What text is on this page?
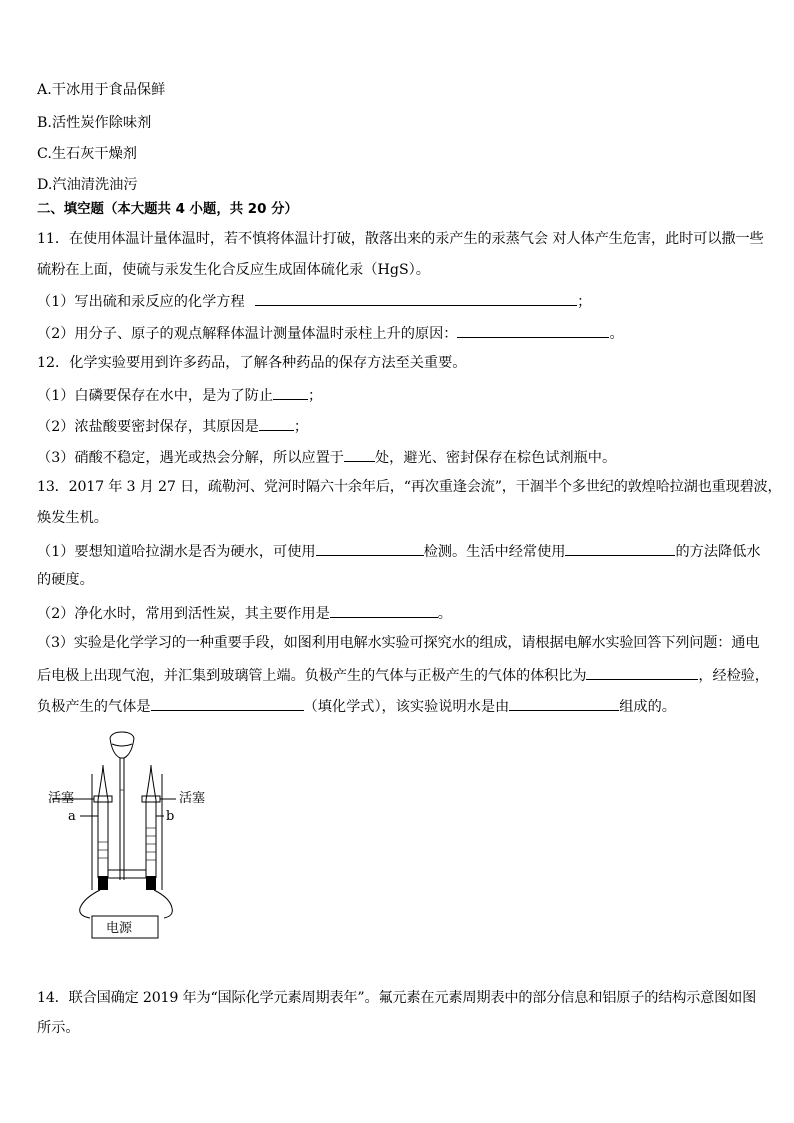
A.干冰用于食品保鲜
B.活性炭作除味剂
C.生石灰干燥剂
D.汽油清洗油污
二、填空题（本大题共 4 小题，共 20 分）
11．在使用体温计量体温时，若不慎将体温计打破，散落出来的汞产生的汞蒸气会 对人体产生危害，此时可以撒一些
硫粉在上面，使硫与汞发生化合反应生成固体硫化汞（HgS）。
（1）写出硫和汞反应的化学方程	；
（2）用分子、原子的观点解释体温计测量体温时汞柱上升的原因：	。
12．化学实验要用到许多药品，了解各种药品的保存方法至关重要。
（1）白磷要保存在水中，是为了防止 ；
（2）浓盐酸要密封保存，其原因是 ；
（3）硝酸不稳定，遇光或热会分解，所以应置于 处，避光、密封保存在棕色试剂瓶中。
13．2017 年 3 月 27 日，疏勒河、党河时隔六十余年后，“再次重逢会流”，干涸半个多世纪的敦煌哈拉湖也重现碧波，
焕发生机。
（1）要想知道哈拉湖水是否为硬水，可使用	检测。生活中经常使用	的方法降低水
的硬度。
（2）净化水时，常用到活性炭，其主要作用是	。
（3）实验是化学学习的一种重要手段，如图利用电解水实验可探究水的组成，请根据电解水实验回答下列问题：通电
后电极上出现气泡，并汇集到玻璃管上端。负极产生的气体与正极产生的气体的体积比为	，经检验，
负极产生的气体是	（填化学式），该实验说明水是由	组成的。
活塞	活塞
a	b
电源
14．联合国确定 2019 年为“国际化学元素周期表年”。氟元素在元素周期表中的部分信息和铝原子的结构示意图如图
所示。
